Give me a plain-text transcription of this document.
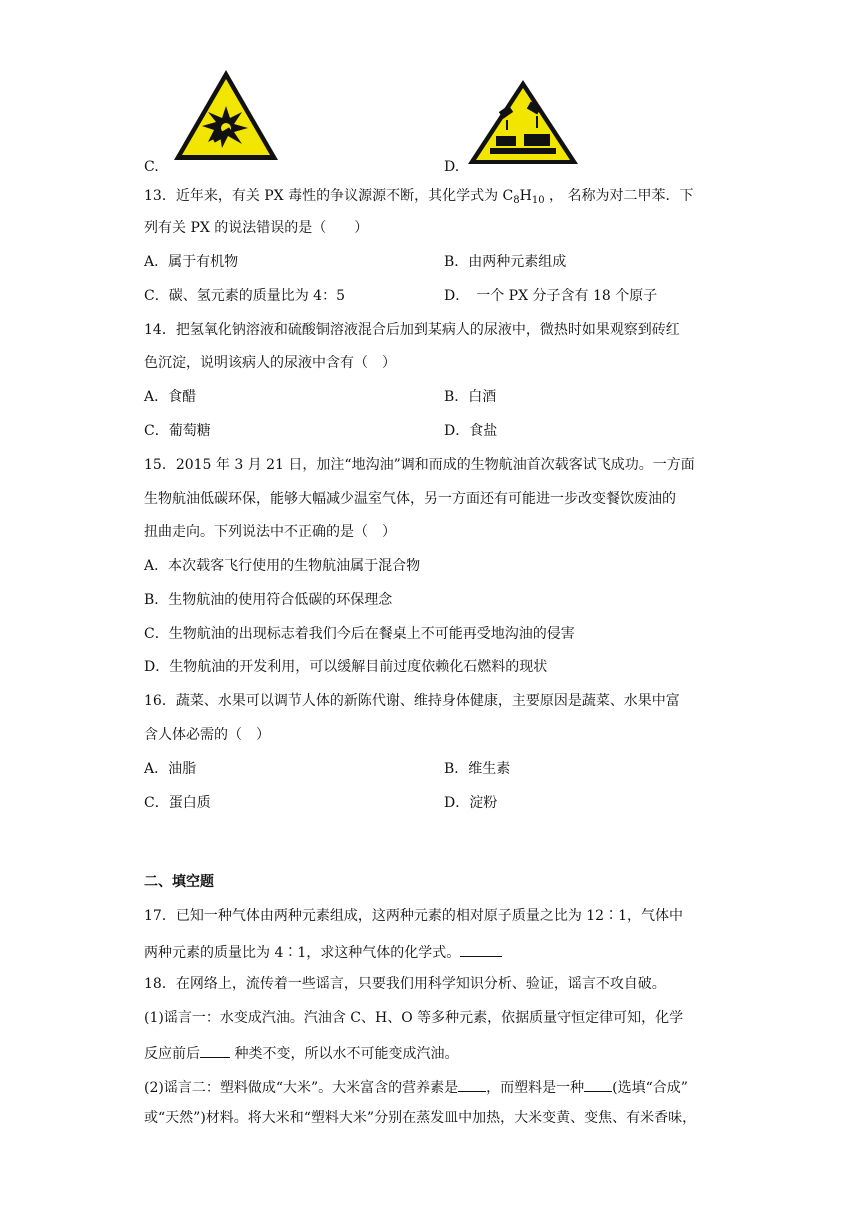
C.	D.
13．近年来，有关 PX 毒性的争议源源不断，其化学式为 $C_8H_{10}$ ， 名称为对二甲苯．下
列有关 PX 的说法错误的是（　　）
A．属于有机物	B．由两种元素组成
C．碳、氢元素的质量比为 4：5	D．　一个 PX 分子含有 18 个原子
14．把氢氧化钠溶液和硫酸铜溶液混合后加到某病人的尿液中，微热时如果观察到砖红
色沉淀，说明该病人的尿液中含有（　）
A．食醋	B．白酒
C．葡萄糖	D．食盐
15．2015 年 3 月 21 日，加注“地沟油”调和而成的生物航油首次载客试飞成功。一方面
生物航油低碳环保，能够大幅减少温室气体，另一方面还有可能进一步改变餐饮废油的
扭曲走向。下列说法中不正确的是（　）
A．本次载客飞行使用的生物航油属于混合物
B．生物航油的使用符合低碳的环保理念
C．生物航油的出现标志着我们今后在餐桌上不可能再受地沟油的侵害
D．生物航油的开发利用，可以缓解目前过度依赖化石燃料的现状
16．蔬菜、水果可以调节人体的新陈代谢、维持身体健康，主要原因是蔬菜、水果中富
含人体必需的（　）
A．油脂	B．维生素
C．蛋白质	D．淀粉
二、填空题
17．已知一种气体由两种元素组成，这两种元素的相对原子质量之比为 12∶1，气体中
两种元素的质量比为 4∶1，求这种气体的化学式。
18．在网络上，流传着一些谣言，只要我们用科学知识分析、验证，谣言不攻自破。
(1)谣言一：水变成汽油。汽油含 C、H、O 等多种元素，依据质量守恒定律可知，化学
反应前后 种类不变，所以水不可能变成汽油。
(2)谣言二：塑料做成“大米”。大米富含的营养素是 ，而塑料是一种 (选填“合成”
或“天然”)材料。将大米和“塑料大米”分别在蒸发皿中加热，大米变黄、变焦、有米香味，
